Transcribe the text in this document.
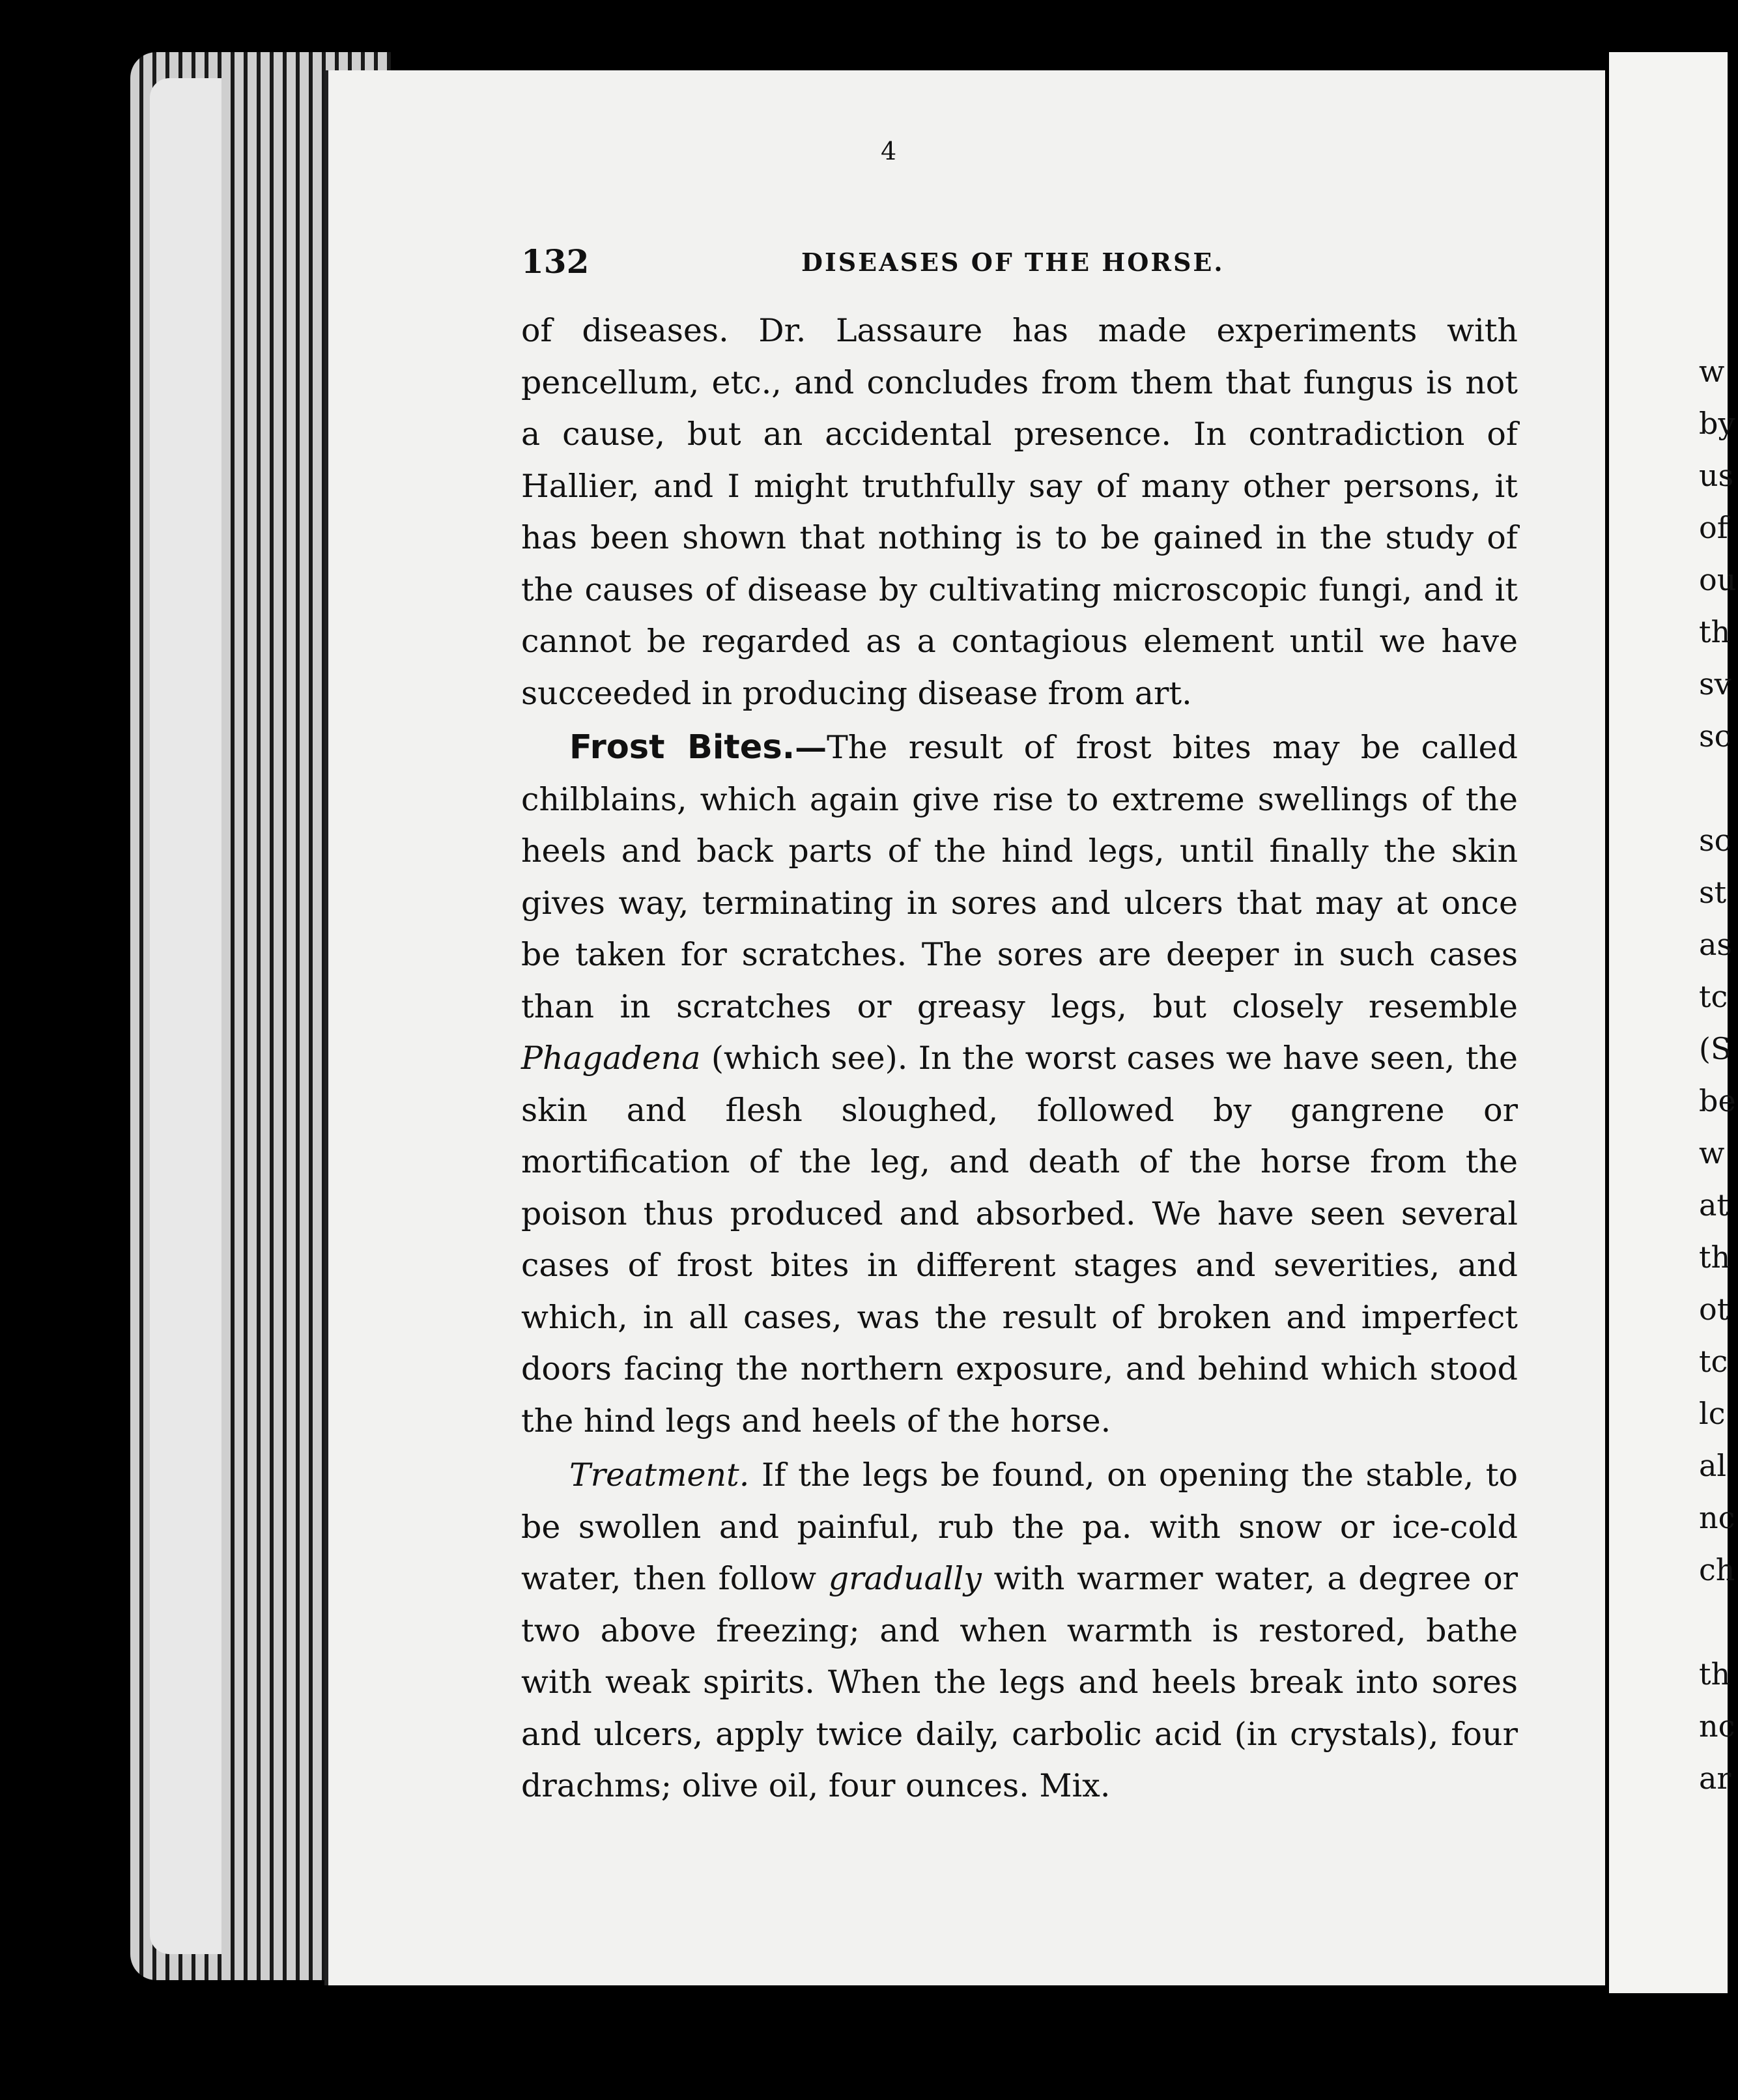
w
by
us
of
ou
th
sv
sc
sc
st
as
tc
(S
be
w
at
th
ot
tc
lc
al
nc
ch
th
nc
ar
4
132	DISEASES OF THE HORSE.

of diseases. Dr. Lassaure has made experiments with pencellum, etc., and concludes from them that fungus is not a cause, but an accidental presence. In contradiction of Hallier, and I might truthfully say of many other persons, it has been shown that nothing is to be gained in the study of the causes of disease by cultivating microscopic fungi, and it cannot be regarded as a contagious element until we have succeeded in producing disease from art.

Frost Bites.—The result of frost bites may be called chilblains, which again give rise to extreme swellings of the heels and back parts of the hind legs, until finally the skin gives way, terminating in sores and ulcers that may at once be taken for scratches. The sores are deeper in such cases than in scratches or greasy legs, but closely resemble Phagadena (which see). In the worst cases we have seen, the skin and flesh sloughed, followed by gangrene or mortification of the leg, and death of the horse from the poison thus produced and absorbed. We have seen several cases of frost bites in different stages and severities, and which, in all cases, was the result of broken and imperfect doors facing the northern exposure, and behind which stood the hind legs and heels of the horse.

Treatment. If the legs be found, on opening the stable, to be swollen and painful, rub the pa. with snow or ice-cold water, then follow gradually with warmer water, a degree or two above freezing; and when warmth is restored, bathe with weak spirits. When the legs and heels break into sores and ulcers, apply twice daily, carbolic acid (in crystals), four drachms; olive oil, four ounces. Mix.
